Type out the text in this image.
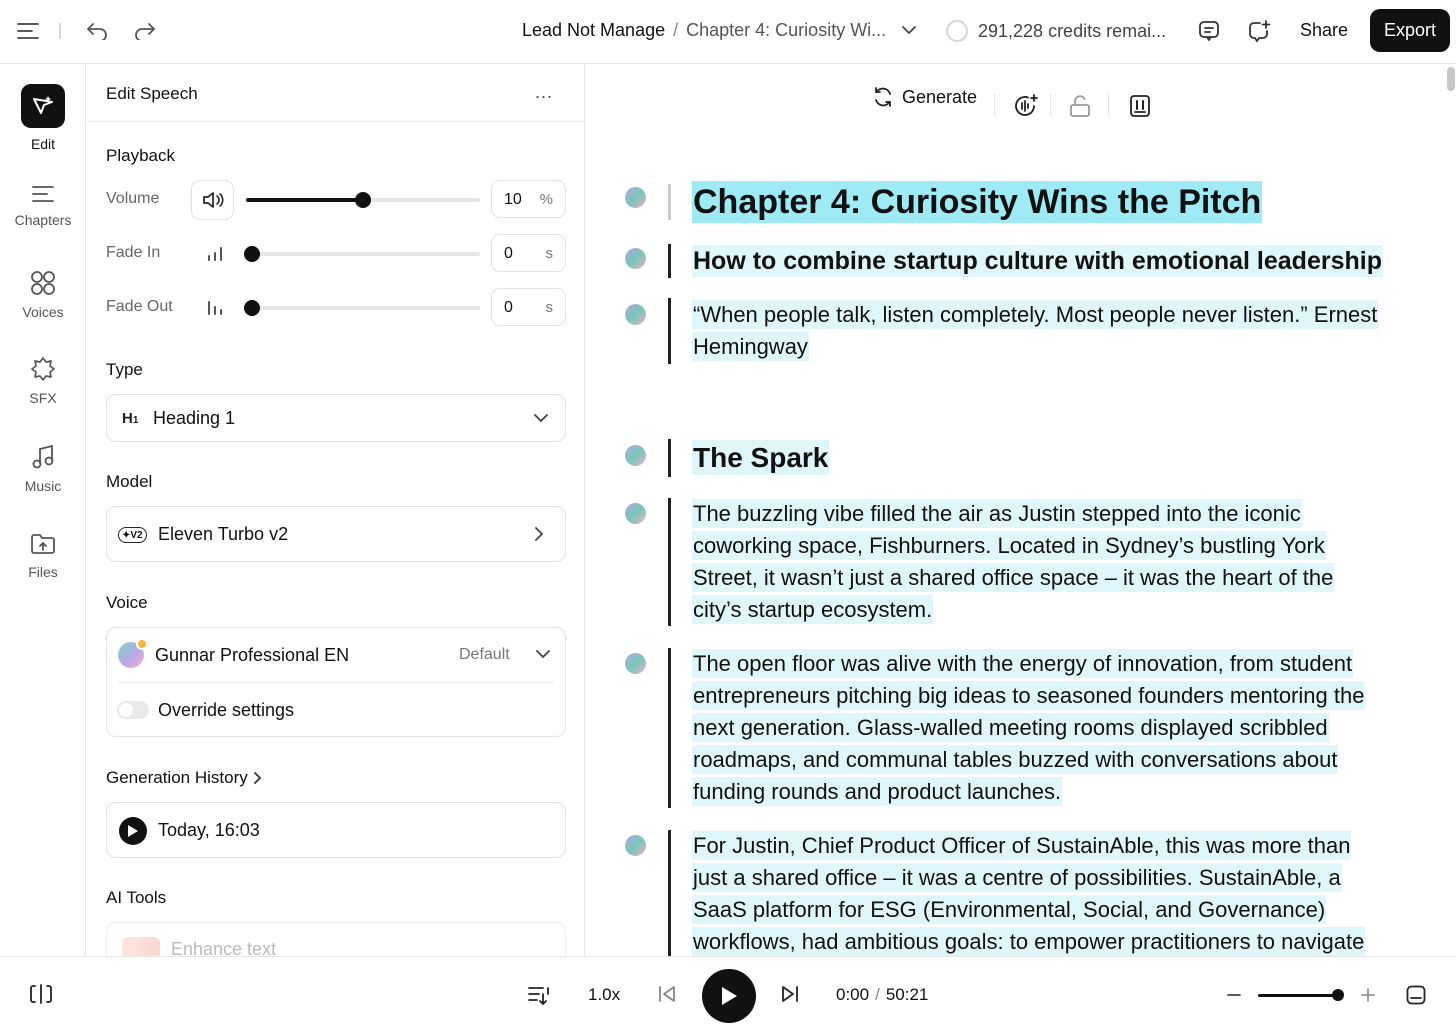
Lead Not Manage / Chapter 4: Curiosity Wi...	291,228 credits remai...	Share	Export
Edit
Chapters
Voices
SFX
Music
Files
Edit Speech	...
Playback
Volume	10 %
Fade In	0 s
Fade Out	0 s
Type
H1 Heading 1
Model
✦ V2 Eleven Turbo v2
Voice
Gunnar Professional EN	Default
Override settings
Generation History
Today, 16:03
AI Tools
Enhance text
Generate
Chapter 4: Curiosity Wins the Pitch
How to combine startup culture with emotional leadership
“When people talk, listen completely. Most people never listen.” Ernest
Hemingway
The Spark
The buzzling vibe filled the air as Justin stepped into the iconic
coworking space, Fishburners. Located in Sydney’s bustling York
Street, it wasn’t just a shared office space – it was the heart of the
city’s startup ecosystem.
The open floor was alive with the energy of innovation, from student
entrepreneurs pitching big ideas to seasoned founders mentoring the
next generation. Glass-walled meeting rooms displayed scribbled
roadmaps, and communal tables buzzed with conversations about
funding rounds and product launches.
For Justin, Chief Product Officer of SustainAble, this was more than
just a shared office – it was a centre of possibilities. SustainAble, a
SaaS platform for ESG (Environmental, Social, and Governance)
workflows, had ambitious goals: to empower practitioners to navigate
1.0x	0:00 / 50:21
